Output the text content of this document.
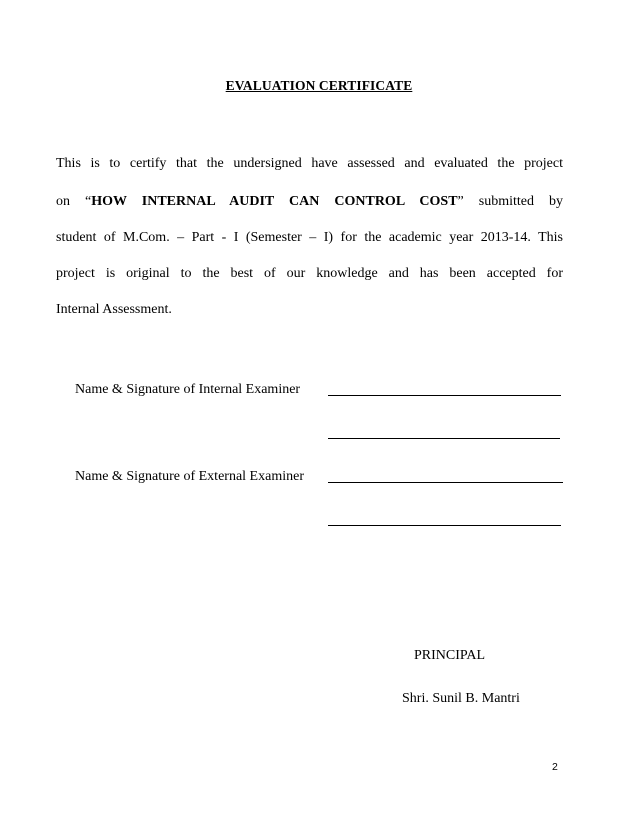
EVALUATION CERTIFICATE
This is to certify that the undersigned have assessed and evaluated the project
on “HOW INTERNAL AUDIT CAN CONTROL COST” submitted by
student of M.Com. – Part - I (Semester – I) for the academic year 2013-14. This
project is original to the best of our knowledge and has been accepted for
Internal Assessment.
Name & Signature of Internal Examiner
Name & Signature of External Examiner
PRINCIPAL
Shri. Sunil B. Mantri
2
